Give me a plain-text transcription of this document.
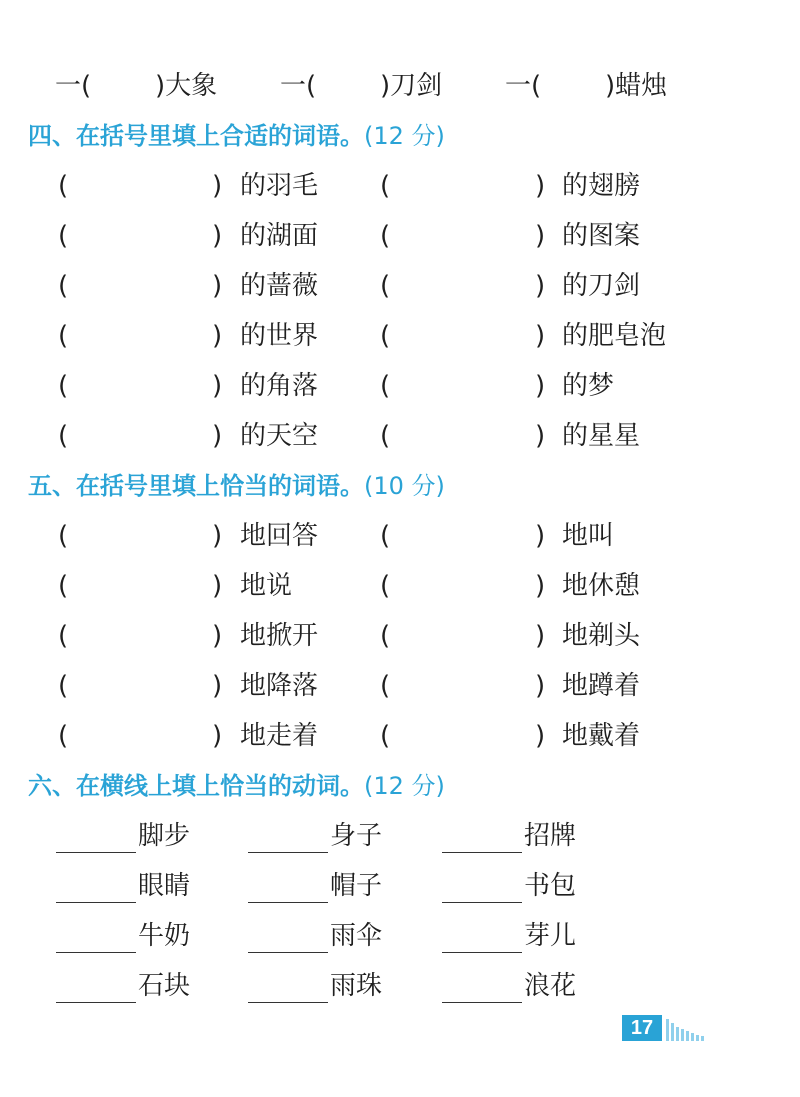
一( )大象 一( )刀剑 一( )蜡烛
四、在括号里填上合适的词语。(12 分)
(	) 的羽毛 (	) 的翅膀
(	) 的湖面 (	) 的图案
(	) 的蔷薇 (	) 的刀剑
(	) 的世界 (	) 的肥皂泡
(	) 的角落 (	) 的梦
(	) 的天空 (	) 的星星
五、在括号里填上恰当的词语。(10 分)
(	) 地回答 (	) 地叫
(	) 地说	(	) 地休憩
(	) 地掀开 (	) 地剃头
(	) 地降落 (	) 地蹲着
(	) 地走着 (	) 地戴着
六、在横线上填上恰当的动词。(12 分)
脚步	身子	招牌
眼睛	帽子	书包
牛奶	雨伞	芽儿
石块	雨珠	浪花
17
